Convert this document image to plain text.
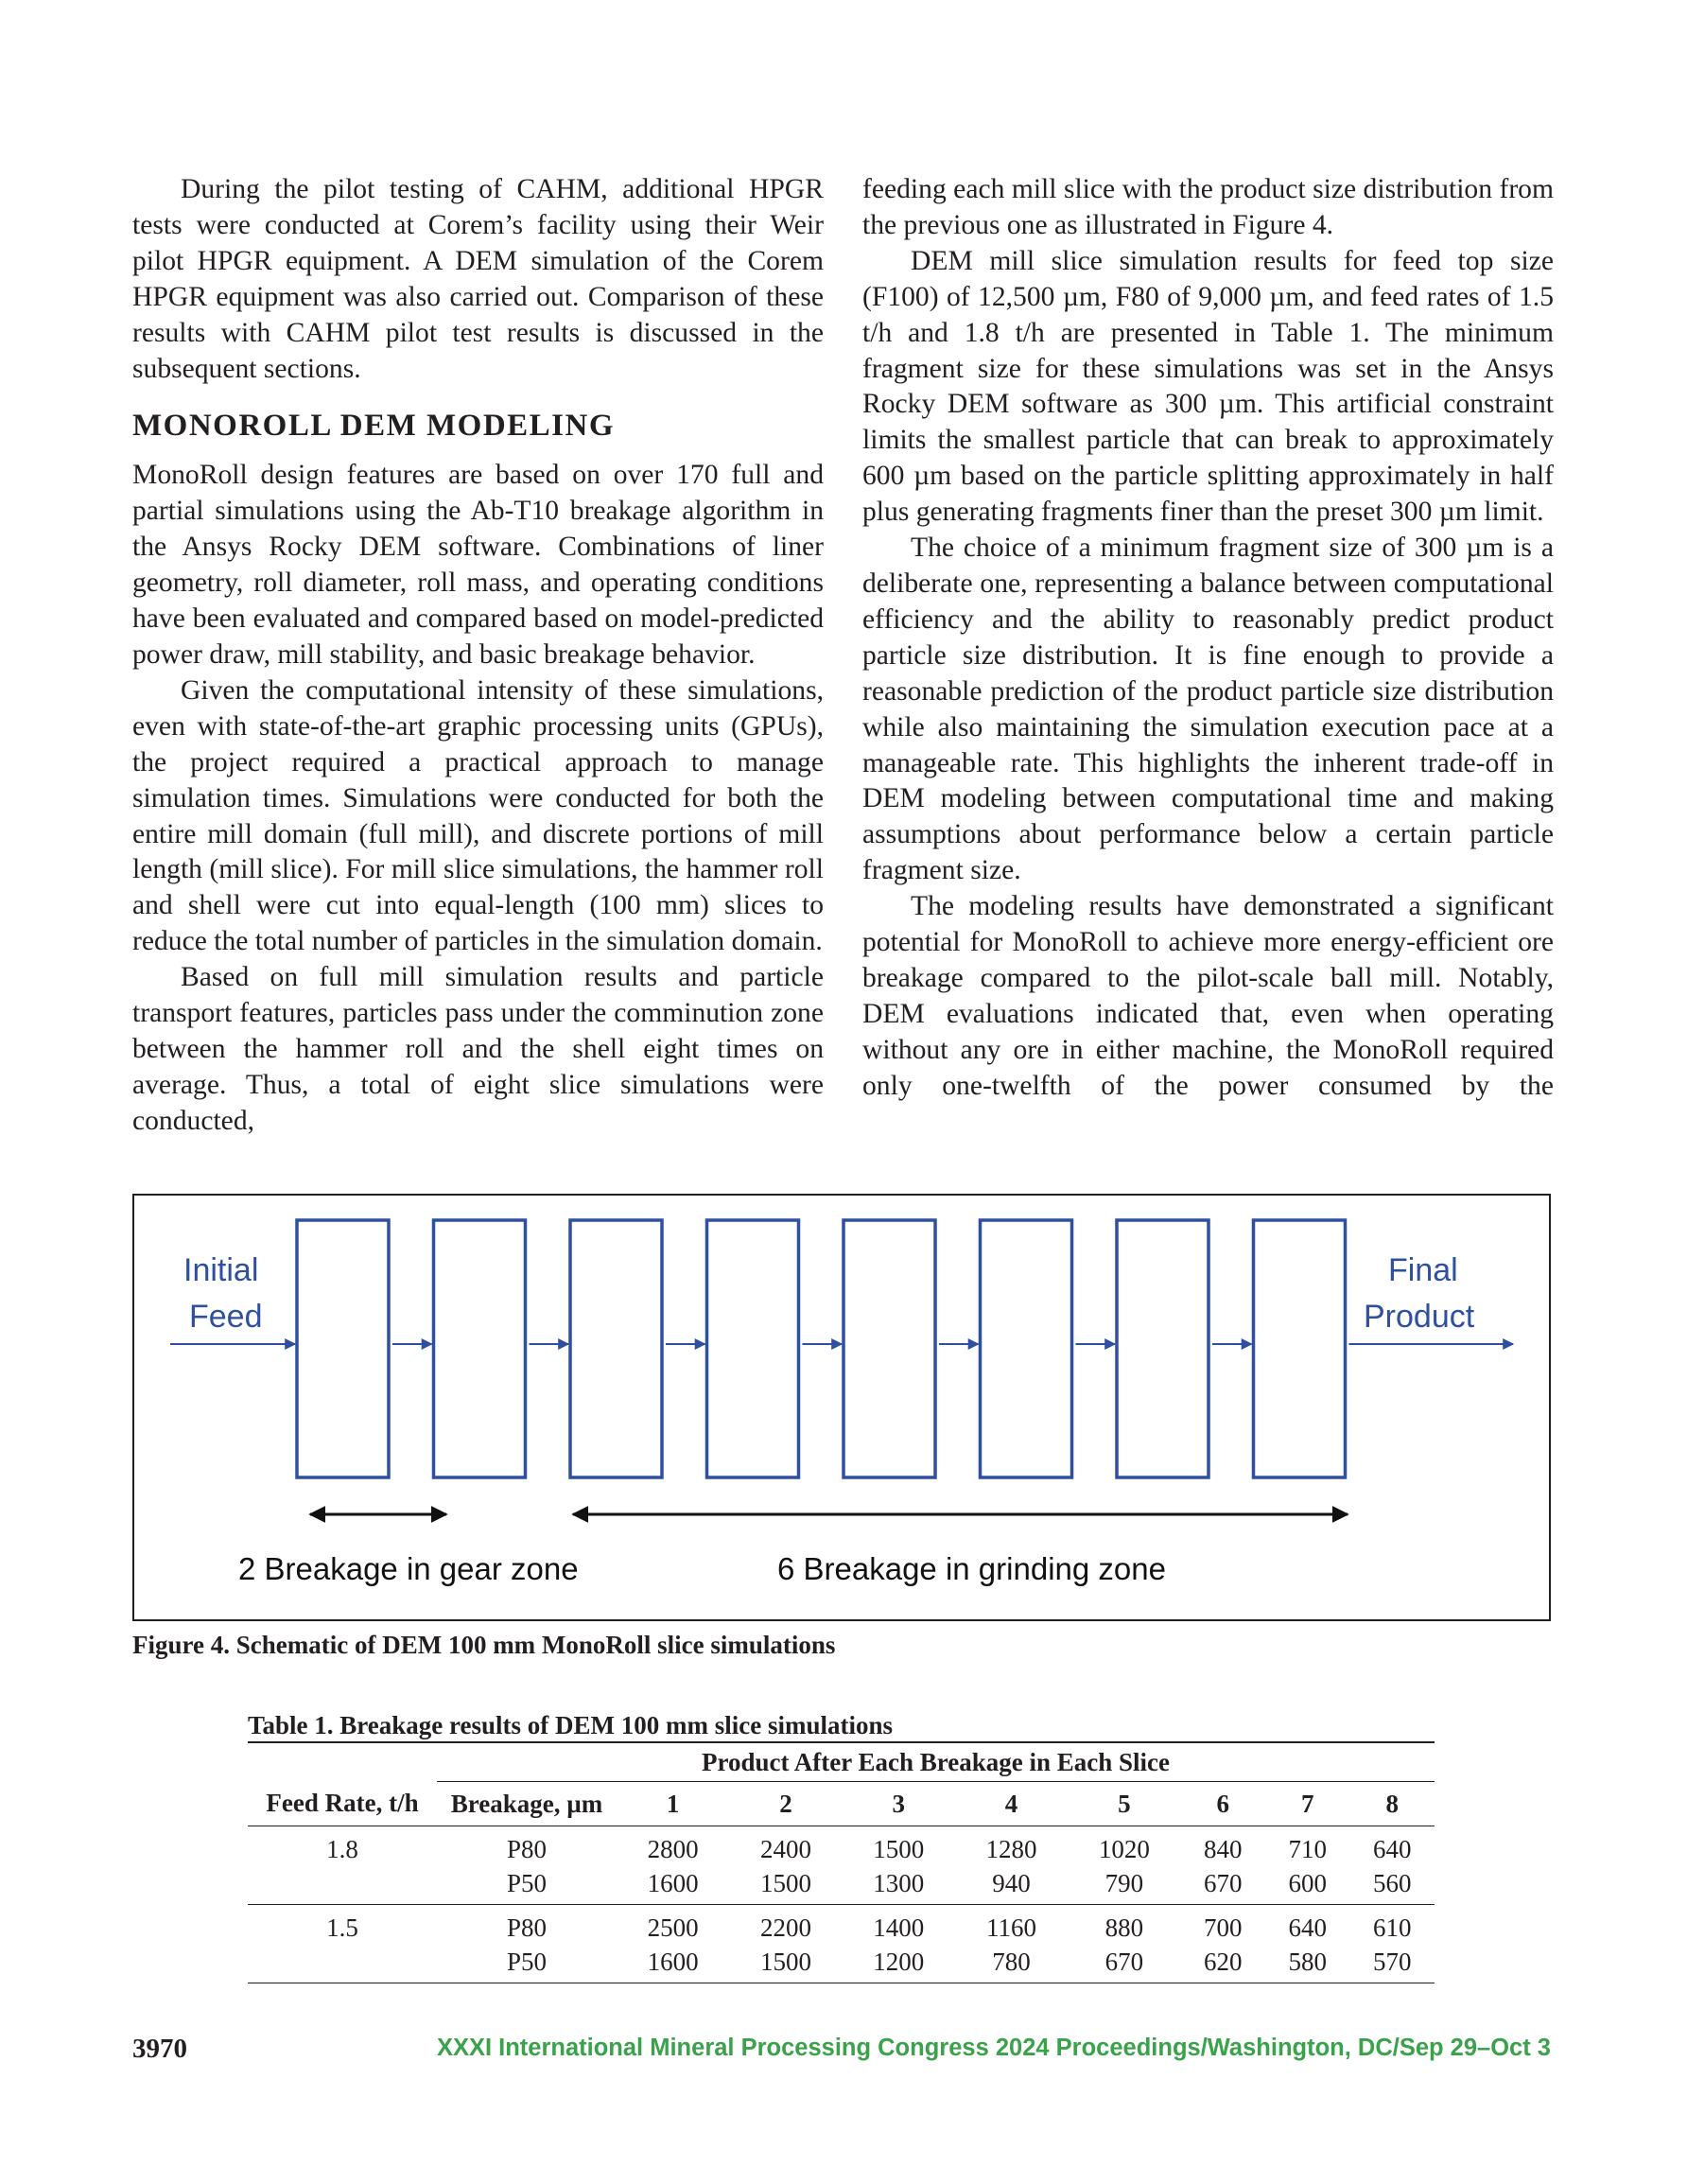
During the pilot testing of CAHM, additional HPGR tests were conducted at Corem’s facility using their Weir pilot HPGR equipment. A DEM simulation of the Corem HPGR equipment was also carried out. Comparison of these results with CAHM pilot test results is discussed in the subsequent sections.

MONOROLL DEM MODELING

MonoRoll design features are based on over 170 full and partial simulations using the Ab-T10 breakage algorithm in the Ansys Rocky DEM software. Combinations of liner geometry, roll diameter, roll mass, and operating conditions have been evaluated and compared based on model-predicted power draw, mill stability, and basic breakage behavior.

Given the computational intensity of these simulations, even with state-of-the-art graphic processing units (GPUs), the project required a practical approach to manage simulation times. Simulations were conducted for both the entire mill domain (full mill), and discrete portions of mill length (mill slice). For mill slice simulations, the hammer roll and shell were cut into equal-length (100 mm) slices to reduce the total number of particles in the simulation domain.

Based on full mill simulation results and particle transport features, particles pass under the comminution zone between the hammer roll and the shell eight times on average. Thus, a total of eight slice simulations were conducted,

feeding each mill slice with the product size distribution from the previous one as illustrated in Figure 4.

DEM mill slice simulation results for feed top size (F100) of 12,500 µm, F80 of 9,000 µm, and feed rates of 1.5 t/h and 1.8 t/h are presented in Table 1. The minimum fragment size for these simulations was set in the Ansys Rocky DEM software as 300 µm. This artificial constraint limits the smallest particle that can break to approximately 600 µm based on the particle splitting approximately in half plus generating fragments finer than the preset 300 µm limit.

The choice of a minimum fragment size of 300 µm is a deliberate one, representing a balance between computational efficiency and the ability to reasonably predict product particle size distribution. It is fine enough to provide a reasonable prediction of the product particle size distribution while also maintaining the simulation execution pace at a manageable rate. This highlights the inherent trade-off in DEM modeling between computational time and making assumptions about performance below a certain particle fragment size.

The modeling results have demonstrated a significant potential for MonoRoll to achieve more energy-efficient ore breakage compared to the pilot-scale ball mill. Notably, DEM evaluations indicated that, even when operating without any ore in either machine, the MonoRoll required only one-twelfth of the power consumed by the

Initial
Feed
Final
Product
2 Breakage in gear zone	6 Breakage in grinding zone
Figure 4. Schematic of DEM 100 mm MonoRoll slice simulations
Table 1. Breakage results of DEM 100 mm slice simulations
	Product After Each Breakage in Each Slice								
Feed Rate, t/h	Breakage, µm	1	2	3	4	5	6	7	8
1.8	P80	2800	2400	1500	1280	1020	840	710	640
	P50	1600	1500	1300	940	790	670	600	560
1.5	P80	2500	2200	1400	1160	880	700	640	610
	P50	1600	1500	1200	780	670	620	580	570
3970	XXXI International Mineral Processing Congress 2024 Proceedings/Washington, DC/Sep 29–Oct 3
